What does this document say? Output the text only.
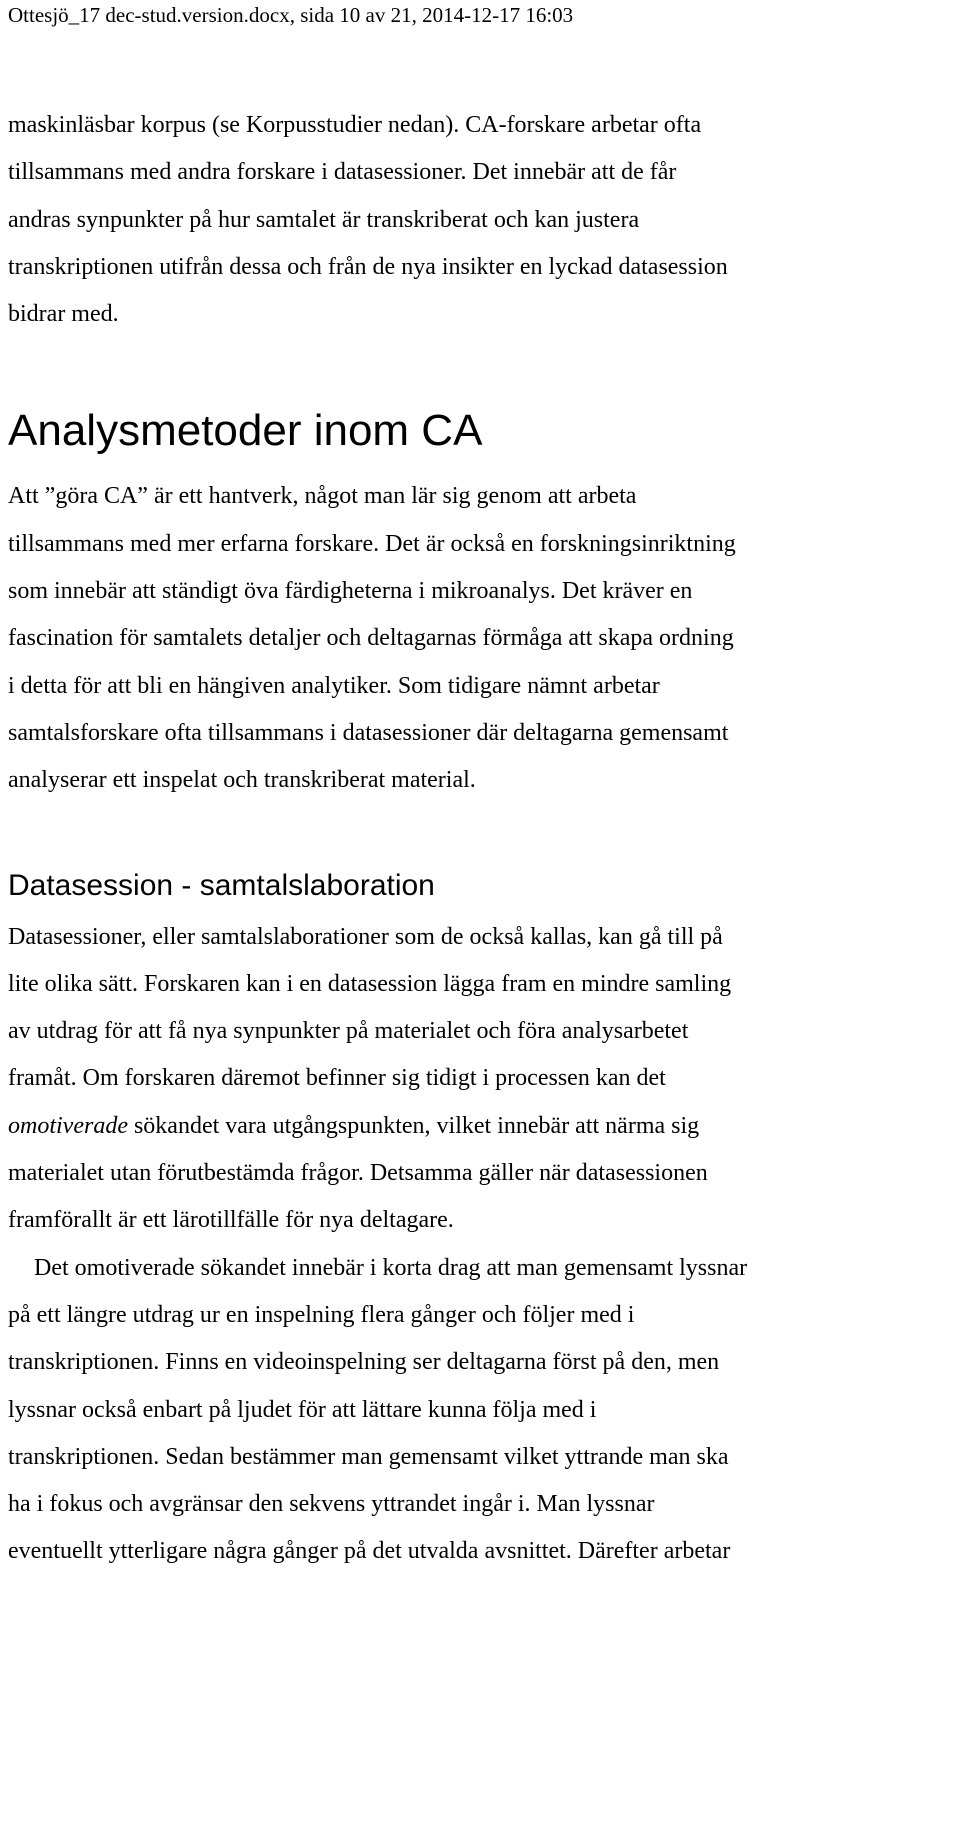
Ottesjö_17 dec-stud.version.docx, sida 10 av 21, 2014-12-17 16:03

maskinläsbar korpus (se Korpusstudier nedan). CA-forskare arbetar ofta
tillsammans med andra forskare i datasessioner. Det innebär att de får
andras synpunkter på hur samtalet är transkriberat och kan justera
transkriptionen utifrån dessa och från de nya insikter en lyckad datasession
bidrar med.

Analysmetoder inom CA

Att ”göra CA” är ett hantverk, något man lär sig genom att arbeta
tillsammans med mer erfarna forskare. Det är också en forskningsinriktning
som innebär att ständigt öva färdigheterna i mikroanalys. Det kräver en
fascination för samtalets detaljer och deltagarnas förmåga att skapa ordning
i detta för att bli en hängiven analytiker. Som tidigare nämnt arbetar
samtalsforskare ofta tillsammans i datasessioner där deltagarna gemensamt
analyserar ett inspelat och transkriberat material.

Datasession - samtalslaboration

Datasessioner, eller samtalslaborationer som de också kallas, kan gå till på
lite olika sätt. Forskaren kan i en datasession lägga fram en mindre samling
av utdrag för att få nya synpunkter på materialet och föra analysarbetet
framåt. Om forskaren däremot befinner sig tidigt i processen kan det
omotiverade sökandet vara utgångspunkten, vilket innebär att närma sig
materialet utan förutbestämda frågor. Detsamma gäller när datasessionen
framförallt är ett lärotillfälle för nya deltagare.

Det omotiverade sökandet innebär i korta drag att man gemensamt lyssnar
på ett längre utdrag ur en inspelning flera gånger och följer med i
transkriptionen. Finns en videoinspelning ser deltagarna först på den, men
lyssnar också enbart på ljudet för att lättare kunna följa med i
transkriptionen. Sedan bestämmer man gemensamt vilket yttrande man ska
ha i fokus och avgränsar den sekvens yttrandet ingår i. Man lyssnar
eventuellt ytterligare några gånger på det utvalda avsnittet. Därefter arbetar
